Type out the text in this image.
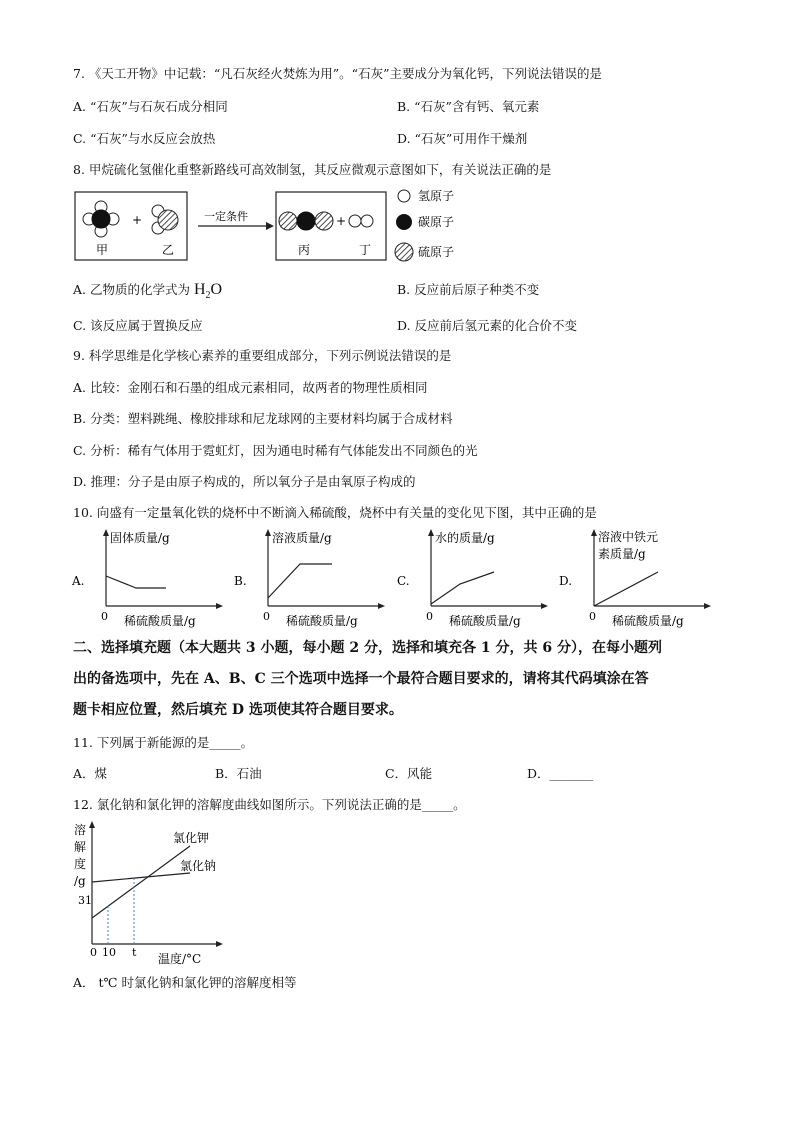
7. 《天工开物》中记载：“凡石灰经火焚炼为用”。“石灰”主要成分为氧化钙，下列说法错误的是
A. “石灰”与石灰石成分相同	B. “石灰”含有钙、氧元素
C. “石灰”与水反应会放热	D. “石灰”可用作干燥剂
8. 甲烷硫化氢催化重整新路线可高效制氢，其反应微观示意图如下，有关说法正确的是
+
甲	乙
一定条件	+
丙	丁
氢原子
碳原子
硫原子
A. 乙物质的化学式为 $H_2O$	B. 反应前后原子种类不变
C. 该反应属于置换反应	D. 反应前后氢元素的化合价不变
9. 科学思维是化学核心素养的重要组成部分，下列示例说法错误的是
A. 比较：金刚石和石墨的组成元素相同，故两者的物理性质相同
B. 分类：塑料跳绳、橡胶排球和尼龙球网的主要材料均属于合成材料
C. 分析：稀有气体用于霓虹灯，因为通电时稀有气体能发出不同颜色的光
D. 推理：分子是由原子构成的，所以氧分子是由氧原子构成的
10. 向盛有一定量氧化铁的烧杯中不断滴入稀硫酸，烧杯中有关量的变化见下图，其中正确的是
A.
固体质量/g
0 稀硫酸质量/g
B.
溶液质量/g
0 稀硫酸质量/g
C.
水的质量/g
0 稀硫酸质量/g
D.
溶液中铁元
素质量/g
0 稀硫酸质量/g
二、选择填充题（本大题共 3 小题，每小题 2 分，选择和填充各 1 分，共 6 分），在每小题列
出的备选项中，先在 A、B、C 三个选项中选择一个最符合题目要求的，请将其代码填涂在答
题卡相应位置，然后填充 D 选项使其符合题目要求。
11. 下列属于新能源的是_____。
A．煤	B．石油	C．风能	D．_______
12. 氯化钠和氯化钾的溶解度曲线如图所示。下列说法正确的是_____。
溶
解
度
/g
31
氯化钾
氯化钠
0 10 t 温度/°C
A． t℃ 时氯化钠和氯化钾的溶解度相等
